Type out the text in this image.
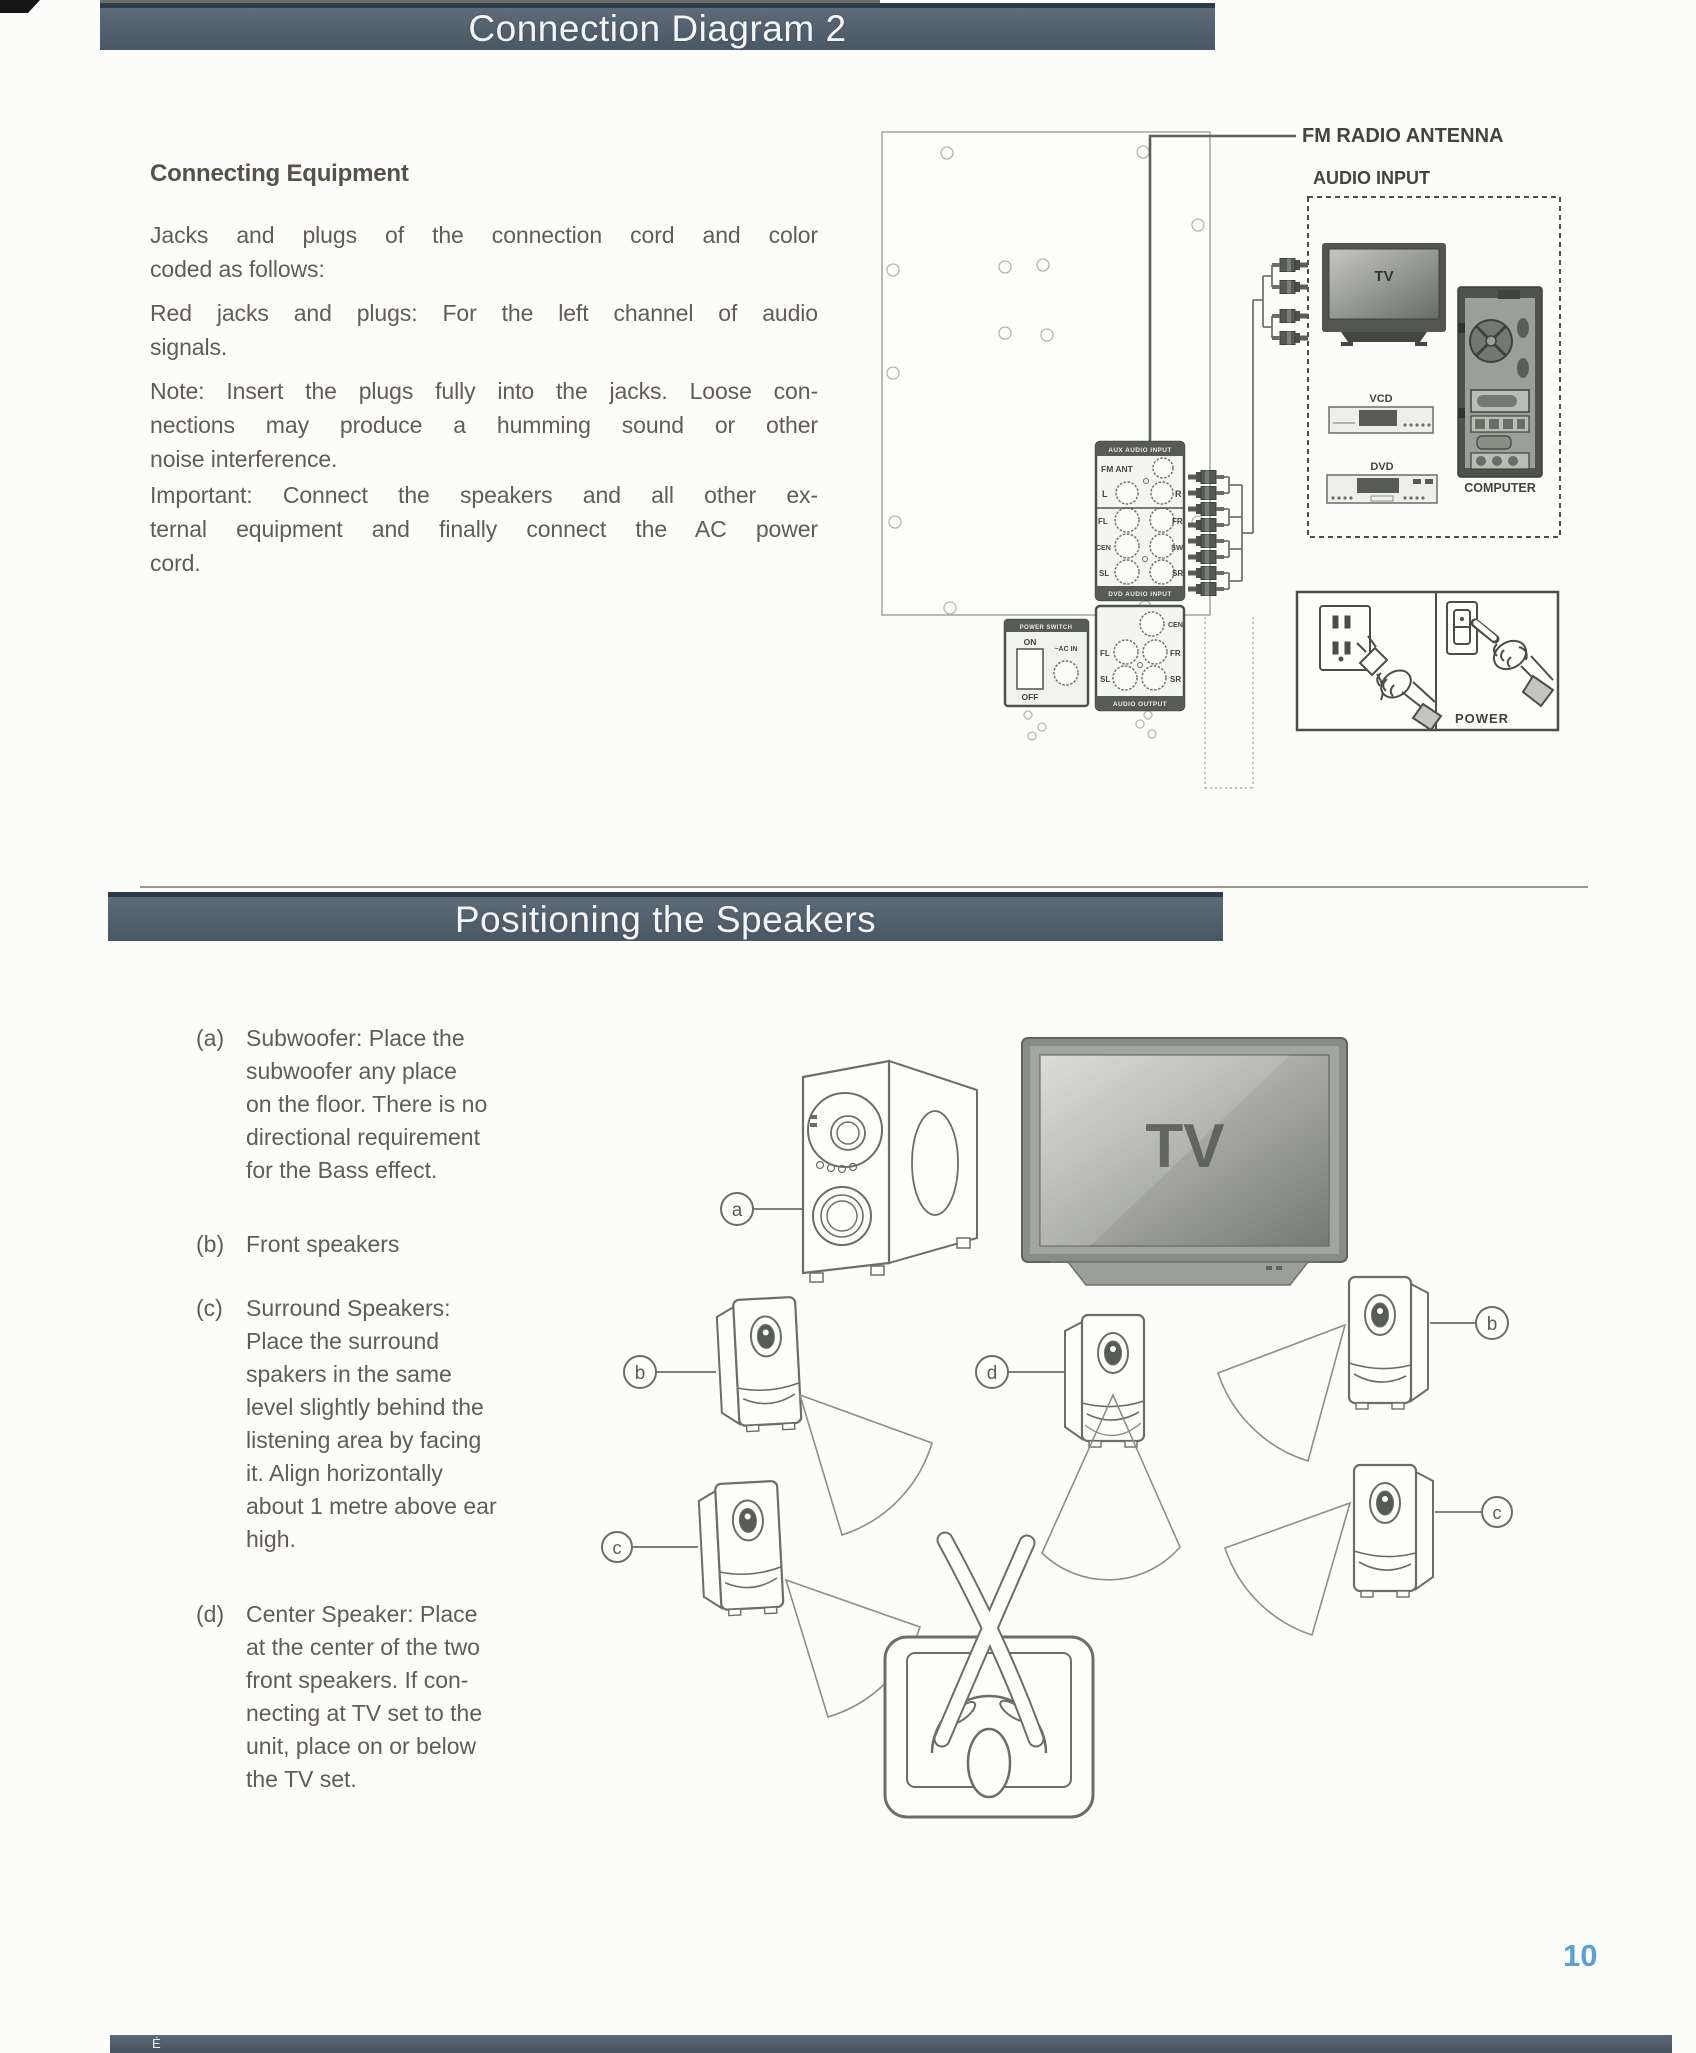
Connection Diagram 2
Connecting Equipment
Jacks and plugs of the connection cord and color
coded as follows:
Red jacks and plugs: For the left channel of audio
signals.
Note: Insert the plugs fully into the jacks. Loose con-
nections may produce a humming sound or other
noise interference.
Important: Connect the speakers and all other ex-
ternal equipment and finally connect the AC power
cord.
FM RADIO ANTENNA
AUDIO INPUT
TV
VCD
DVD
COMPUTER
AUX AUDIO INPUT
FM ANT
L	R
FL	FR
CEN	SW
SL	SR
DVD AUDIO INPUT
CEN
FL	FR
SL	SR
AUDIO OUTPUT
POWER SWITCH
ON
OFF
~AC IN
POWER
Positioning the Speakers
(a) Subwoofer: Place the
subwoofer any place
on the floor. There is no
directional requirement
for the Bass effect.
(b) Front speakers
(c)	Surround Speakers:
Place the surround
spakers in the same
level slightly behind the
listening area by facing
it. Align horizontally
about 1 metre above ear
high.
(d) Center Speaker: Place
at the center of the two
front speakers. If con-
necting at TV set to the
unit, place on or below
the TV set.
TV
a
b	d
b
c
c
10
É
